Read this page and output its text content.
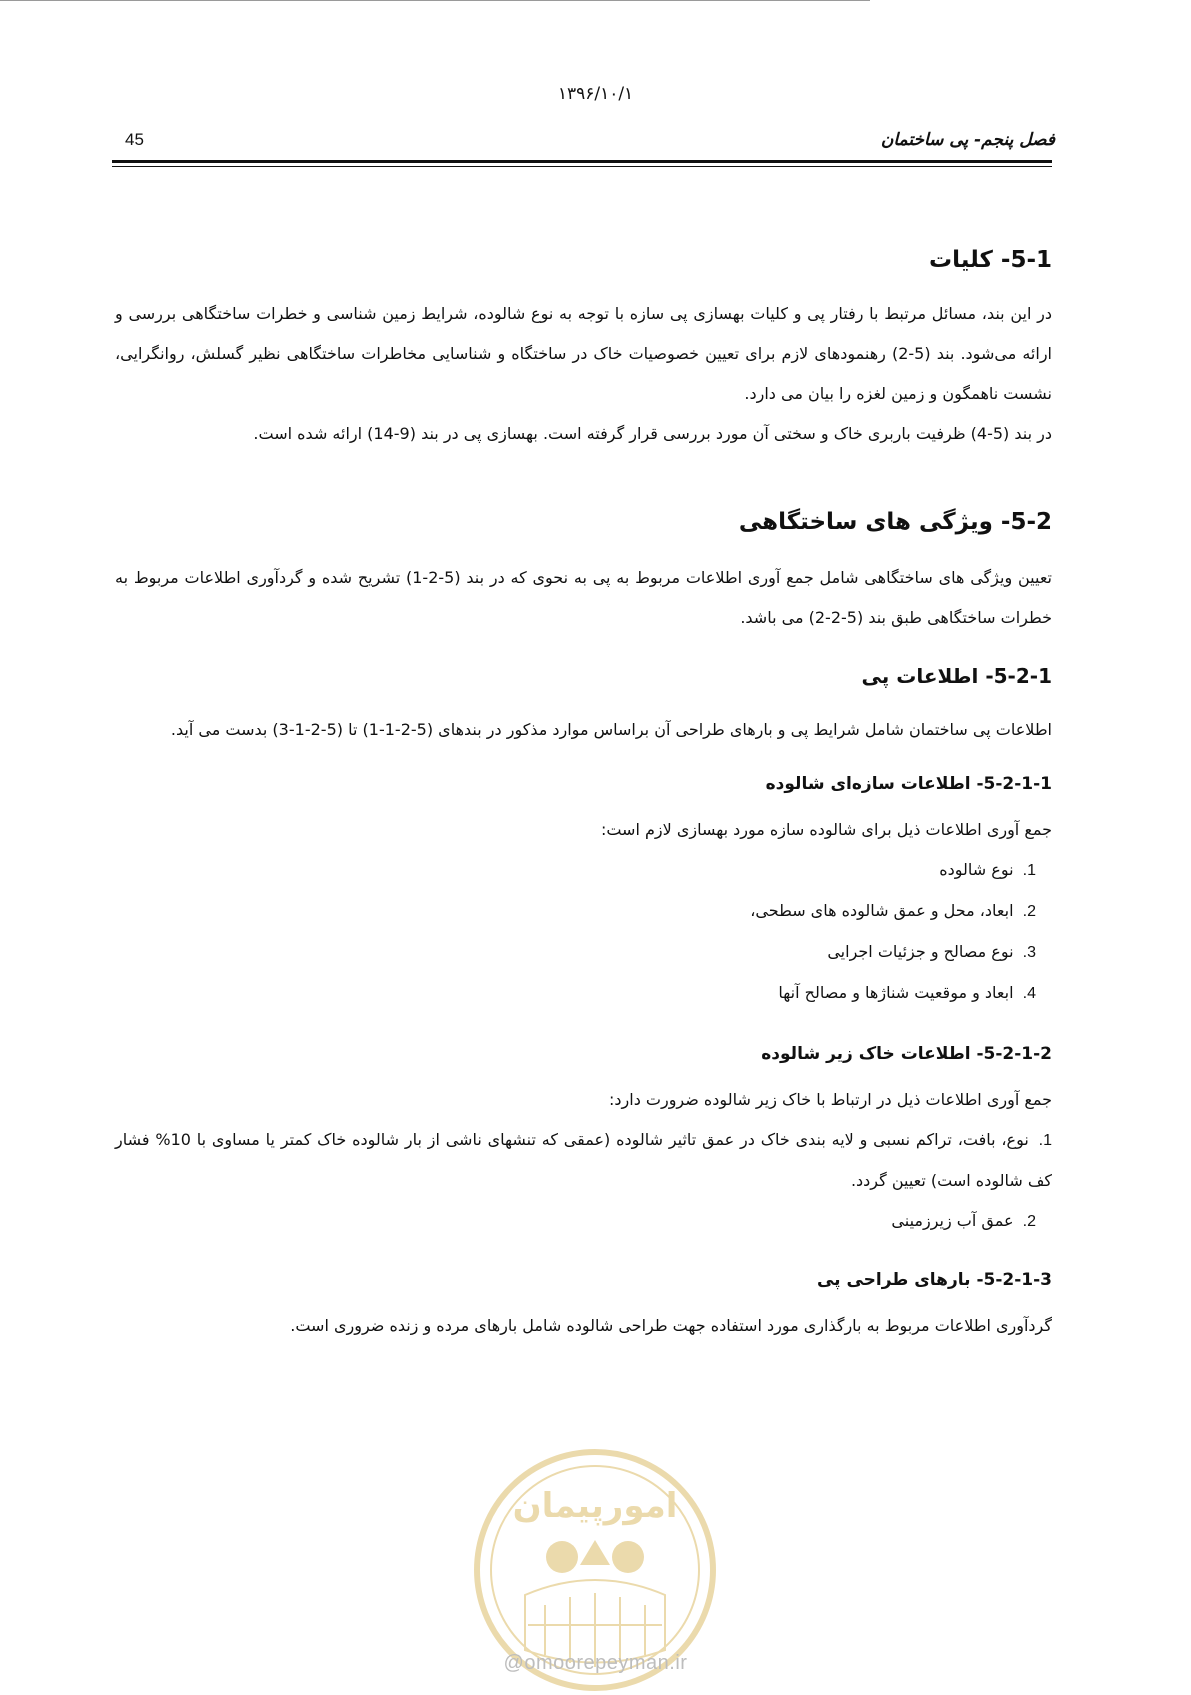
۱۳۹۶/۱۰/۱
45	فصل پنجم- پی ساختمان
5-1- کلیات

در این بند، مسائل مرتبط با رفتار پی و کلیات بهسازی پی سازه با توجه به نوع شالوده، شرایط زمین شناسی و خطرات ساختگاهی بررسی و ارائه می‌شود. بند (5-2) رهنمودهای لازم برای تعیین خصوصیات خاک در ساختگاه و شناسایی مخاطرات ساختگاهی نظیر گسلش، روانگرایی، نشست ناهمگون و زمین لغزه را بیان می دارد.

در بند (5-4) ظرفیت باربری خاک و سختی آن مورد بررسی قرار گرفته است. بهسازی پی در بند (9-14) ارائه شده است.

5-2- ویژگی های ساختگاهی

تعیین ویژگی های ساختگاهی شامل جمع آوری اطلاعات مربوط به پی به نحوی که در بند (5-2-1) تشریح شده و گردآوری اطلاعات مربوط به خطرات ساختگاهی طبق بند (5-2-2) می باشد.

5-2-1- اطلاعات پی

اطلاعات پی ساختمان شامل شرایط پی و بارهای طراحی آن براساس موارد مذکور در بندهای (5-2-1-1) تا (5-2-1-3) بدست می آید.

5-2-1-1- اطلاعات سازه‌ای شالوده

جمع آوری اطلاعات ذیل برای شالوده سازه مورد بهسازی لازم است:

1. نوع شالوده
2. ابعاد، محل و عمق شالوده های سطحی،
3. نوع مصالح و جزئیات اجرایی
4. ابعاد و موقعیت شناژها و مصالح آنها
5-2-1-2- اطلاعات خاک زیر شالوده

جمع آوری اطلاعات ذیل در ارتباط با خاک زیر شالوده ضرورت دارد:

1. نوع، بافت، تراکم نسبی و لایه بندی خاک در عمق تاثیر شالوده (عمقی که تنشهای ناشی از بار شالوده خاک کمتر یا مساوی با 10% فشار کف شالوده است) تعیین گردد.
2. عمق آب زیرزمینی
5-2-1-3- بارهای طراحی پی

گردآوری اطلاعات مربوط به بارگذاری مورد استفاده جهت طراحی شالوده شامل بارهای مرده و زنده ضروری است.

امورپیمان
@omoorepeyman.ir
